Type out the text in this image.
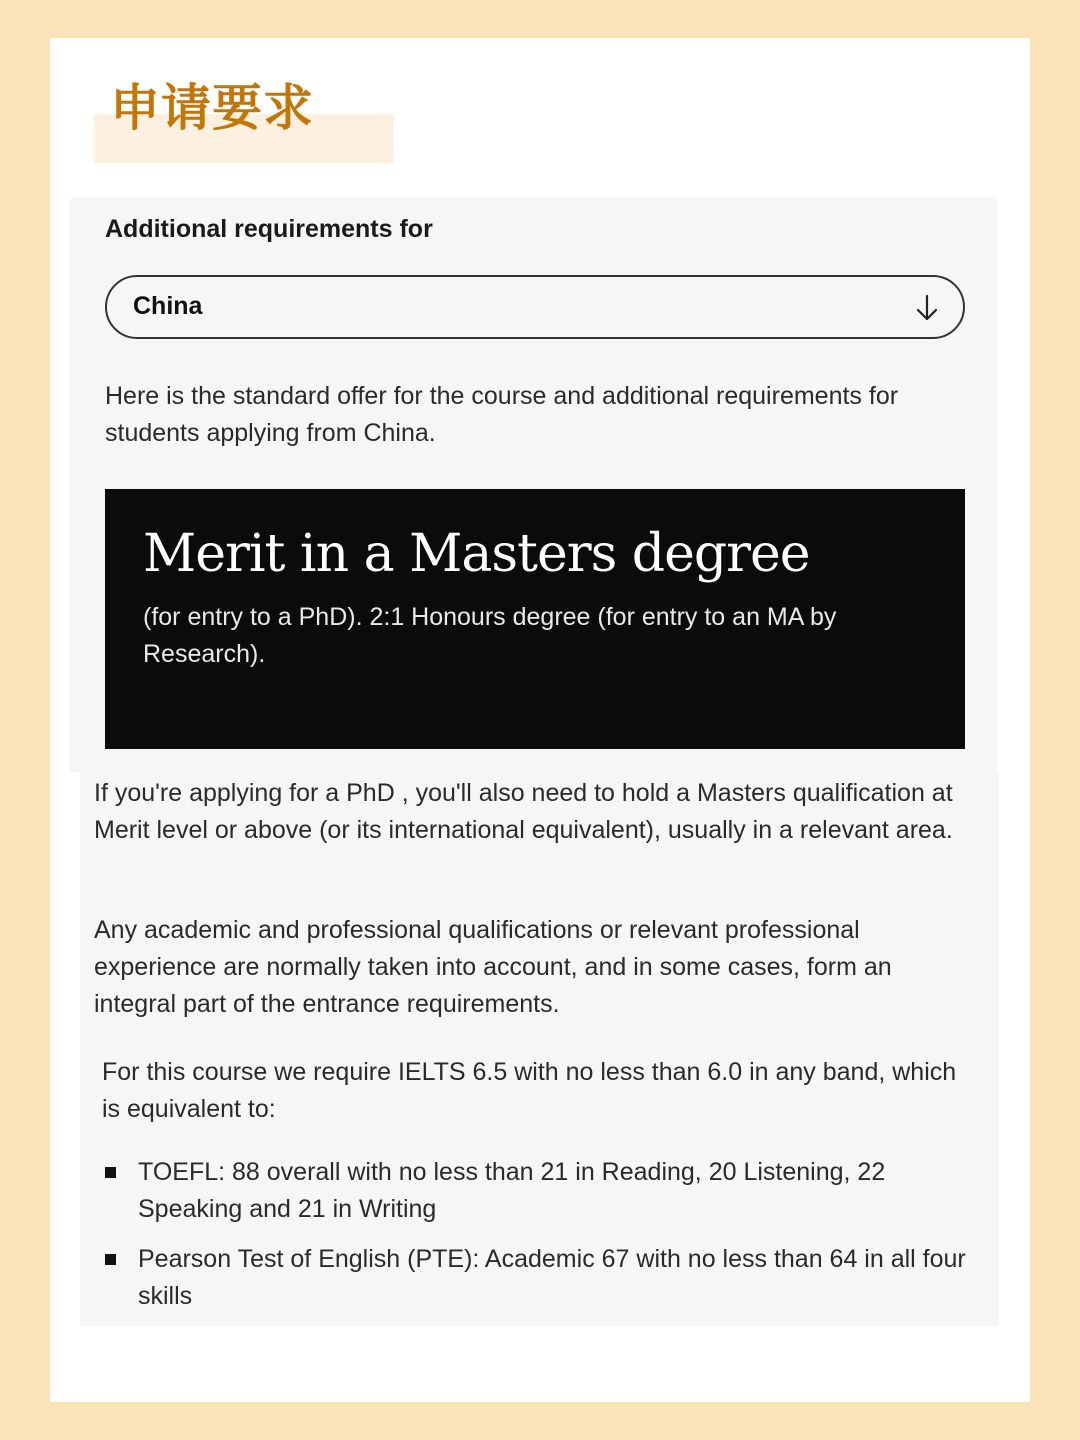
申请要求
Additional requirements for
China

Here is the standard offer for the course and additional requirements for students applying from China.

Merit in a Masters degree

(for entry to a PhD). 2:1 Honours degree (for entry to an MA by Research).

If you're applying for a PhD , you'll also need to hold a Masters qualification at Merit level or above (or its international equivalent), usually in a relevant area.

Any academic and professional qualifications or relevant professional experience are normally taken into account, and in some cases, form an integral part of the entrance requirements.

For this course we require IELTS 6.5 with no less than 6.0 in any band, which is equivalent to:

TOEFL: 88 overall with no less than 21 in Reading, 20 Listening, 22 Speaking and 21 in Writing
Pearson Test of English (PTE): Academic 67 with no less than 64 in all four skills
